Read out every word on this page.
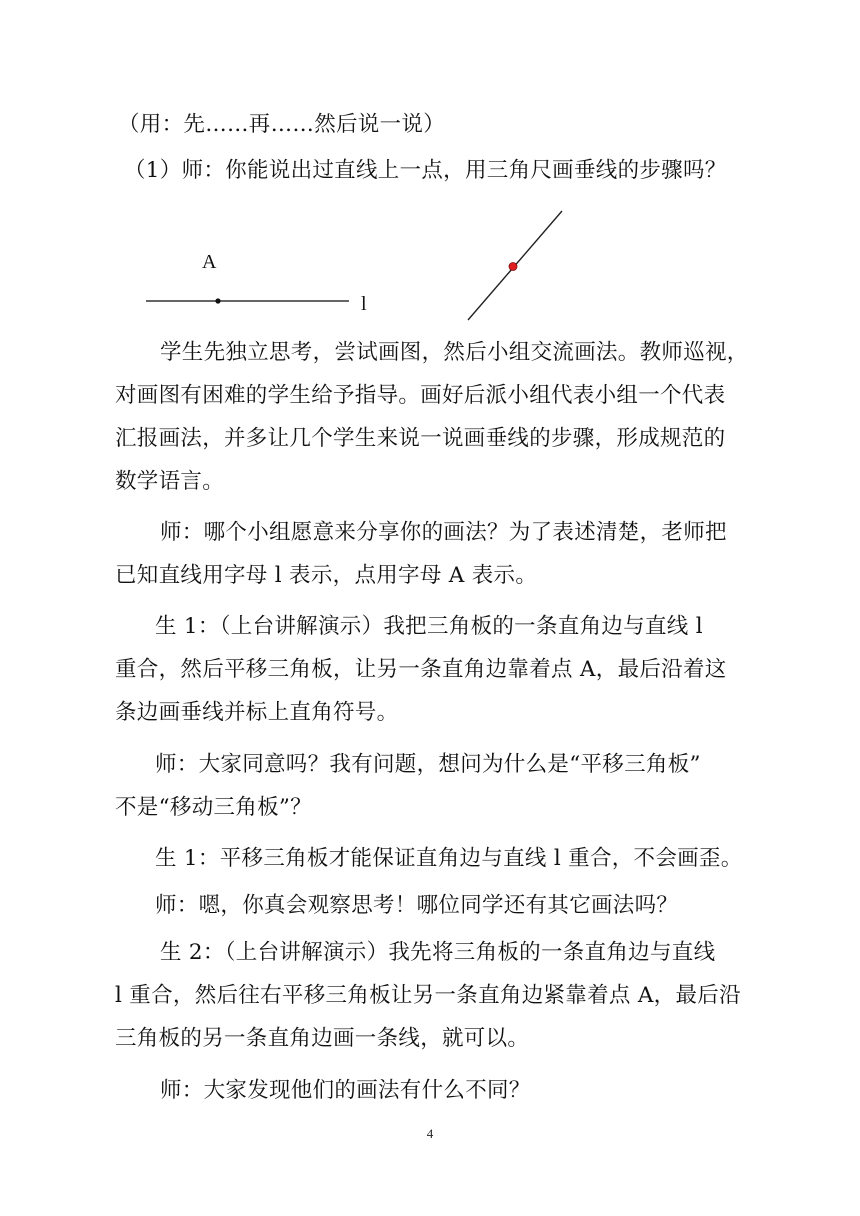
（用：先……再……然后说一说）
（1）师：你能说出过直线上一点，用三角尺画垂线的步骤吗？
A
l
学生先独立思考，尝试画图，然后小组交流画法。教师巡视，
对画图有困难的学生给予指导。画好后派小组代表小组一个代表
汇报画法，并多让几个学生来说一说画垂线的步骤，形成规范的
数学语言。
师：哪个小组愿意来分享你的画法？为了表述清楚，老师把
已知直线用字母 l 表示，点用字母 A 表示。
生 1：（上台讲解演示）我把三角板的一条直角边与直线 l
重合，然后平移三角板，让另一条直角边靠着点 A，最后沿着这
条边画垂线并标上直角符号。
师：大家同意吗？我有问题，想问为什么是“平移三角板”
不是“移动三角板”？
生 1：平移三角板才能保证直角边与直线 l 重合，不会画歪。
师：嗯，你真会观察思考！哪位同学还有其它画法吗？
生 2：（上台讲解演示）我先将三角板的一条直角边与直线
l 重合，然后往右平移三角板让另一条直角边紧靠着点 A，最后沿
三角板的另一条直角边画一条线，就可以。
师：大家发现他们的画法有什么不同？
4
